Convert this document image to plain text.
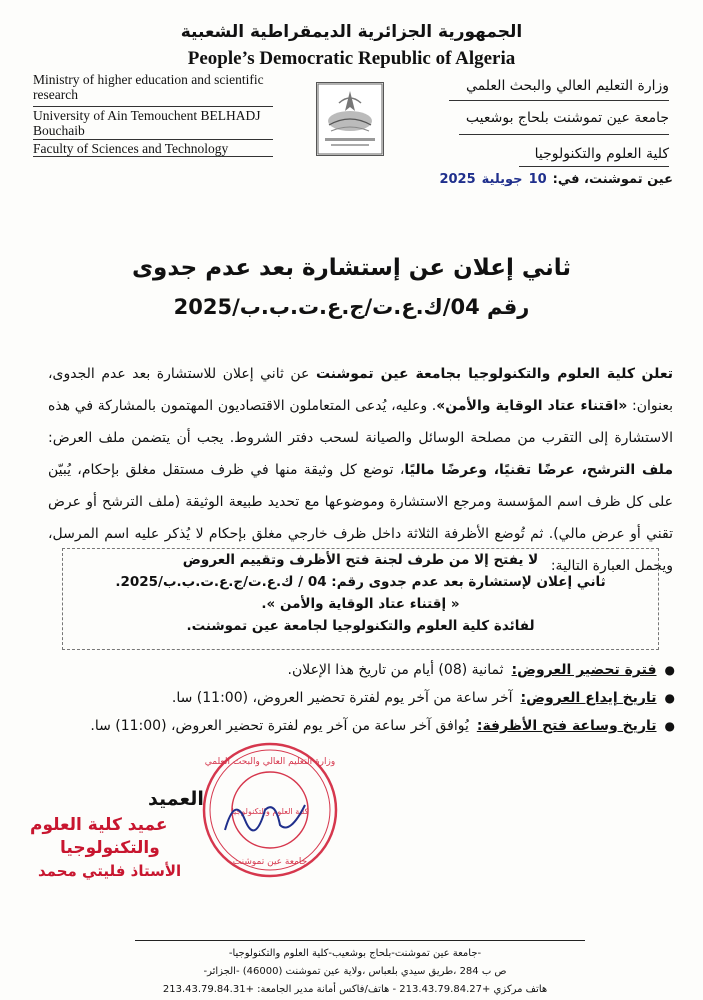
الجمهورية الجزائرية الديمقراطية الشعبية
People’s Democratic Republic of Algeria
Ministry of higher education and scientific research
University of Ain Temouchent BELHADJ Bouchaib
Faculty of Sciences and Technology
وزارة التعليم العالي والبحث العلمي
جامعة عين تموشنت بلحاج بوشعيب
كلية العلوم والتكنولوجيا
عين تموشنت، في:
10
جويلية
2025
ثاني إعلان عن إستشارة بعد عدم جدوى
رقم 04/ك.ع.ت/ج.ع.ت.ب.ب/2025
تعلن كلية العلوم والتكنولوجيا بجامعة عين تموشنت عن ثاني إعلان للاستشارة بعد عدم الجدوى، بعنوان: «اقتناء عتاد الوقاية والأمن». وعليه، يُدعى المتعاملون الاقتصاديون المهتمون بالمشاركة في هذه الاستشارة إلى التقرب من مصلحة الوسائل والصيانة لسحب دفتر الشروط. يجب أن يتضمن ملف العرض: ملف الترشح، عرضًا تقنيًا، وعرضًا ماليًا، توضع كل وثيقة منها في ظرف مستقل مغلق بإحكام، يُبيّن على كل ظرف اسم المؤسسة ومرجع الاستشارة وموضوعها مع تحديد طبيعة الوثيقة (ملف الترشح أو عرض تقني أو عرض مالي). ثم تُوضع الأظرفة الثلاثة داخل ظرف خارجي مغلق بإحكام لا يُذكر عليه اسم المرسل، ويحمل العبارة التالية:
لا يفتح إلا من طرف لجنة فتح الأظرف وتقييم العروض
ثاني إعلان لإستشارة بعد عدم جدوى رقم: 04 / ك.ع.ت/ج.ع.ت.ب.ب/2025.
« إقتناء عتاد الوقاية والأمن ».
لفائدة كلية العلوم والتكنولوجيا لجامعة عين تموشنت.
●
فترة تحضير العروض:
ثمانية (08) أيام من تاريخ هذا الإعلان.
●
تاريخ إيداع العروض:
آخر ساعة من آخر يوم لفترة تحضير العروض، (11:00) سا.
●
تاريخ وساعة فتح الأظرفة:
يُوافق آخر ساعة من آخر يوم لفترة تحضير العروض، (11:00) سا.
وزارة التعليم العالي والبحث العلمي
كلية العلوم والتكنولوجيا
جامعة عين تموشنت
العميد
عميد كلية العلوم
والتكنولوجيا
الأستاذ فليتي محمد
-جامعة عين تموشنت-بلحاج بوشعيب-كلية العلوم والتكنولوجيا-
ص ب 284 ،طريق سيدي بلعباس ،ولاية عين تموشنت (46000) -الجزائر-
هاتف مركزي +213.43.79.84.27 - هاتف/فاكس أمانة مدير الجامعة: +213.43.79.84.31
